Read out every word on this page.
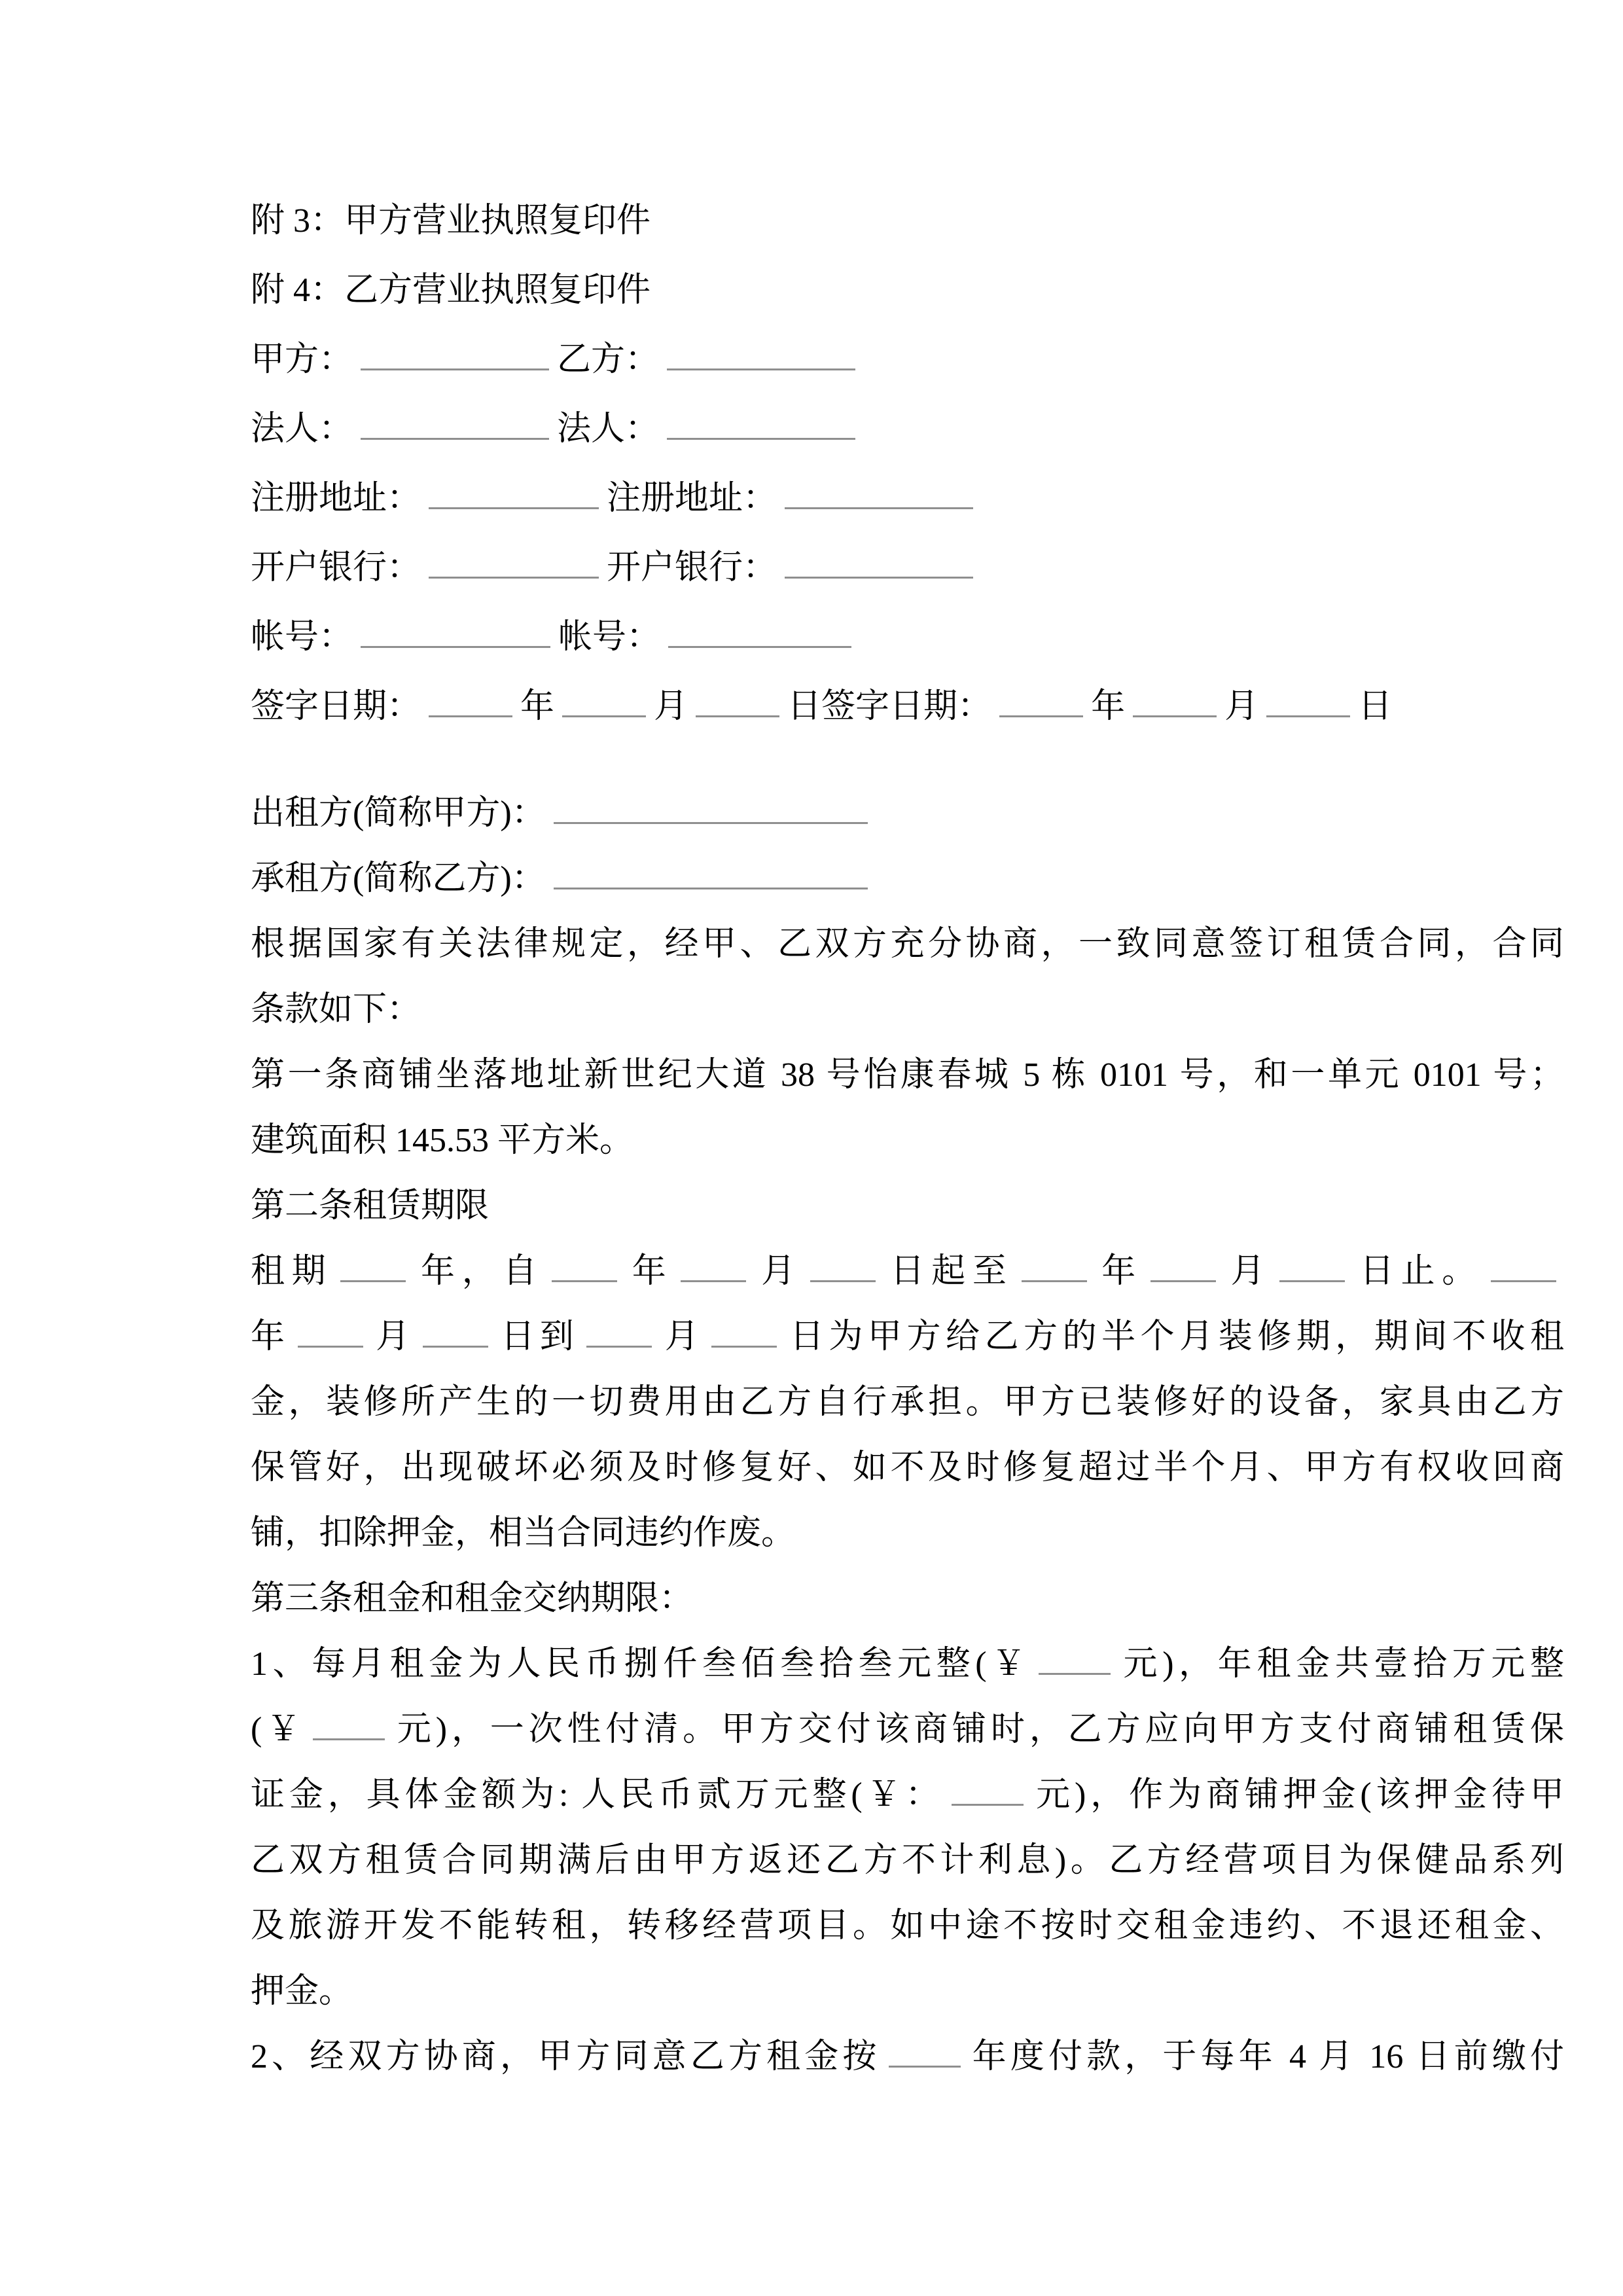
附 3：甲方营业执照复印件
附 4：乙方营业执照复印件
甲方：	乙方：
法人：	法人：
注册地址：	注册地址：
开户银行：	开户银行：
帐号：	帐号：
签字日期：	年	月	日签字日期：	年	月	日
出租方(简称甲方)：
承租方(简称乙方)：
根据国家有关法律规定，经甲、乙双方充分协商，一致同意签订租赁合同，合同
条款如下：
第一条商铺坐落地址新世纪大道 38 号怡康春城 5 栋 0101 号，和一单元 0101 号；
建筑面积 145.53 平方米。
第二条租赁期限
租期 年，自 年 月 日起至 年 月 日止。
年 月 日到 月 日为甲方给乙方的半个月装修期，期间不收租
金，装修所产生的一切费用由乙方自行承担。甲方已装修好的设备，家具由乙方
保管好，出现破坏必须及时修复好、如不及时修复超过半个月、甲方有权收回商
铺，扣除押金，相当合同违约作废。
第三条租金和租金交纳期限：
1、每月租金为人民币捌仟叁佰叁拾叁元整(￥	元)，年租金共壹拾万元整
(￥	元)，一次性付清。甲方交付该商铺时，乙方应向甲方支付商铺租赁保
证金，具体金额为: 人民币贰万元整(￥：	元)，作为商铺押金(该押金待甲
乙双方租赁合同期满后由甲方返还乙方不计利息)。乙方经营项目为保健品系列
及旅游开发不能转租，转移经营项目。如中途不按时交租金违约、不退还租金、
押金。
2、经双方协商，甲方同意乙方租金按	年度付款，于每年 4 月 16 日前缴付
